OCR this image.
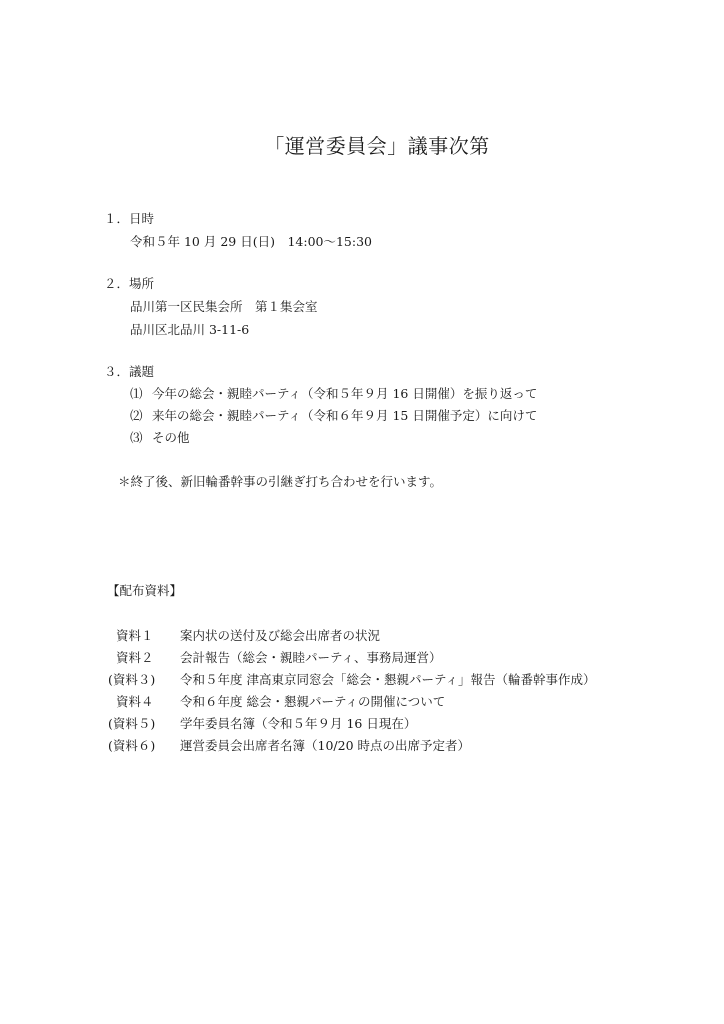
「運営委員会」議事次第
１．日時
令和５年 10 月 29 日(日)　14:00～15:30
２．場所
品川第一区民集会所　第１集会室
品川区北品川 3-11-6
３．議題
⑴ 今年の総会・親睦パーティ（令和５年９月 16 日開催）を振り返って
⑵ 来年の総会・親睦パーティ（令和６年９月 15 日開催予定）に向けて
⑶ その他
＊終了後、新旧輪番幹事の引継ぎ打ち合わせを行います。
【配布資料】
資料１ 案内状の送付及び総会出席者の状況
資料２ 会計報告（総会・親睦パーティ、事務局運営）
(資料３) 令和５年度 津高東京同窓会「総会・懇親パーティ」報告（輪番幹事作成）
資料４ 令和６年度 総会・懇親パーティの開催について
(資料５) 学年委員名簿（令和５年９月 16 日現在）
(資料６) 運営委員会出席者名簿（10/20 時点の出席予定者）
